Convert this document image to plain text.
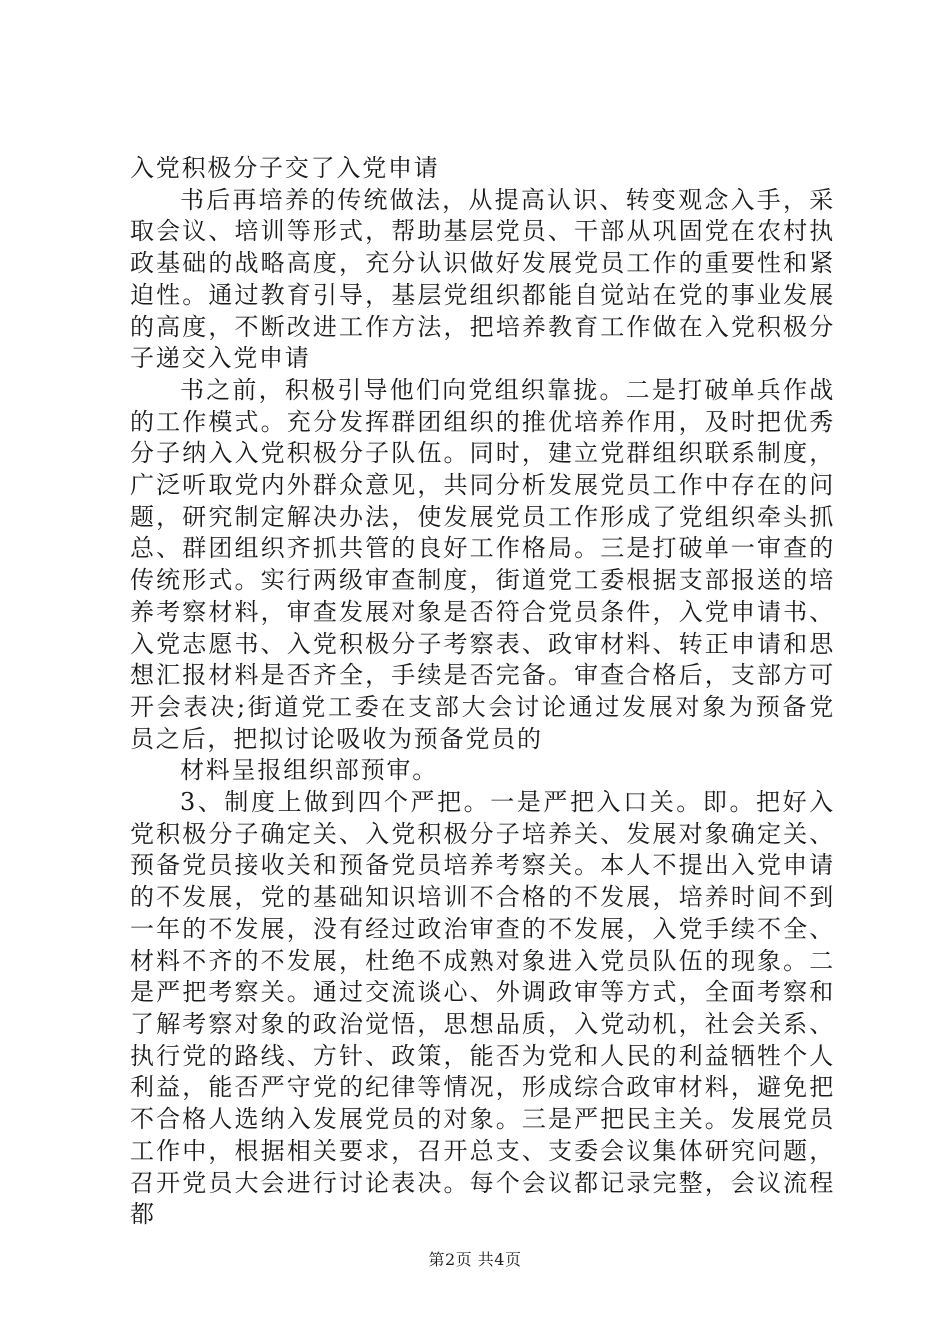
入党积极分子交了入党申请

书后再培养的传统做法，从提高认识、转变观念入手，采取会议、培训等形式，帮助基层党员、干部从巩固党在农村执政基础的战略高度，充分认识做好发展党员工作的重要性和紧迫性。通过教育引导，基层党组织都能自觉站在党的事业发展的高度，不断改进工作方法，把培养教育工作做在入党积极分子递交入党申请

书之前，积极引导他们向党组织靠拢。二是打破单兵作战的工作模式。充分发挥群团组织的推优培养作用，及时把优秀分子纳入入党积极分子队伍。同时，建立党群组织联系制度，广泛听取党内外群众意见，共同分析发展党员工作中存在的问题，研究制定解决办法，使发展党员工作形成了党组织牵头抓总、群团组织齐抓共管的良好工作格局。三是打破单一审查的传统形式。实行两级审查制度，街道党工委根据支部报送的培养考察材料，审查发展对象是否符合党员条件，入党申请书、入党志愿书、入党积极分子考察表、政审材料、转正申请和思想汇报材料是否齐全，手续是否完备。审查合格后，支部方可开会表决;街道党工委在支部大会讨论通过发展对象为预备党员之后，把拟讨论吸收为预备党员的

材料呈报组织部预审。

3、制度上做到四个严把。一是严把入口关。即。把好入党积极分子确定关、入党积极分子培养关、发展对象确定关、预备党员接收关和预备党员培养考察关。本人不提出入党申请的不发展，党的基础知识培训不合格的不发展，培养时间不到一年的不发展，没有经过政治审查的不发展，入党手续不全、材料不齐的不发展，杜绝不成熟对象进入党员队伍的现象。二是严把考察关。通过交流谈心、外调政审等方式，全面考察和了解考察对象的政治觉悟，思想品质，入党动机，社会关系、执行党的路线、方针、政策，能否为党和人民的利益牺牲个人利益，能否严守党的纪律等情况，形成综合政审材料，避免把不合格人选纳入发展党员的对象。三是严把民主关。发展党员工作中，根据相关要求，召开总支、支委会议集体研究问题，召开党员大会进行讨论表决。每个会议都记录完整，会议流程都

第2页 共4页
